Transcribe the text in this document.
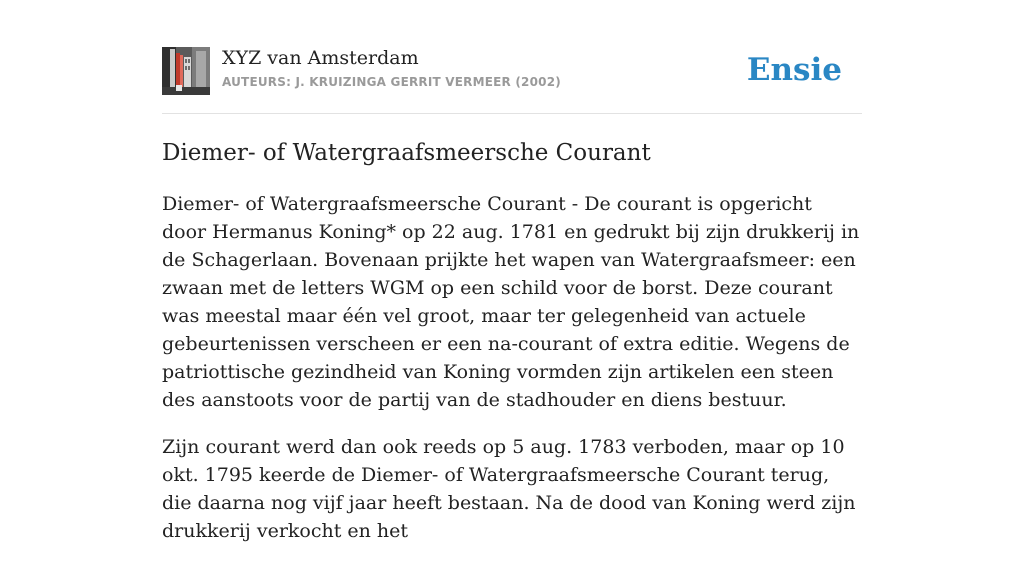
XYZ van Amsterdam
AUTEURS: J. KRUIZINGA GERRIT VERMEER (2002)	Ensie
Diemer- of Watergraafsmeersche Courant

Diemer- of Watergraafsmeersche Courant - De courant is opgericht door Hermanus Koning* op 22 aug. 1781 en gedrukt bij zijn drukkerij in de Schagerlaan. Bovenaan prijkte het wapen van Watergraafsmeer: een zwaan met de letters WGM op een schild voor de borst. Deze courant was meestal maar één vel groot, maar ter gelegenheid van actuele gebeurtenissen verscheen er een na-courant of extra editie. Wegens de patriottische gezindheid van Koning vormden zijn artikelen een steen des aanstoots voor de partij van de stadhouder en diens bestuur.

Zijn courant werd dan ook reeds op 5 aug. 1783 verboden, maar op 10 okt. 1795 keerde de Diemer- of Watergraafsmeersche Courant terug, die daarna nog vijf jaar heeft bestaan. Na de dood van Koning werd zijn drukkerij verkocht en het
